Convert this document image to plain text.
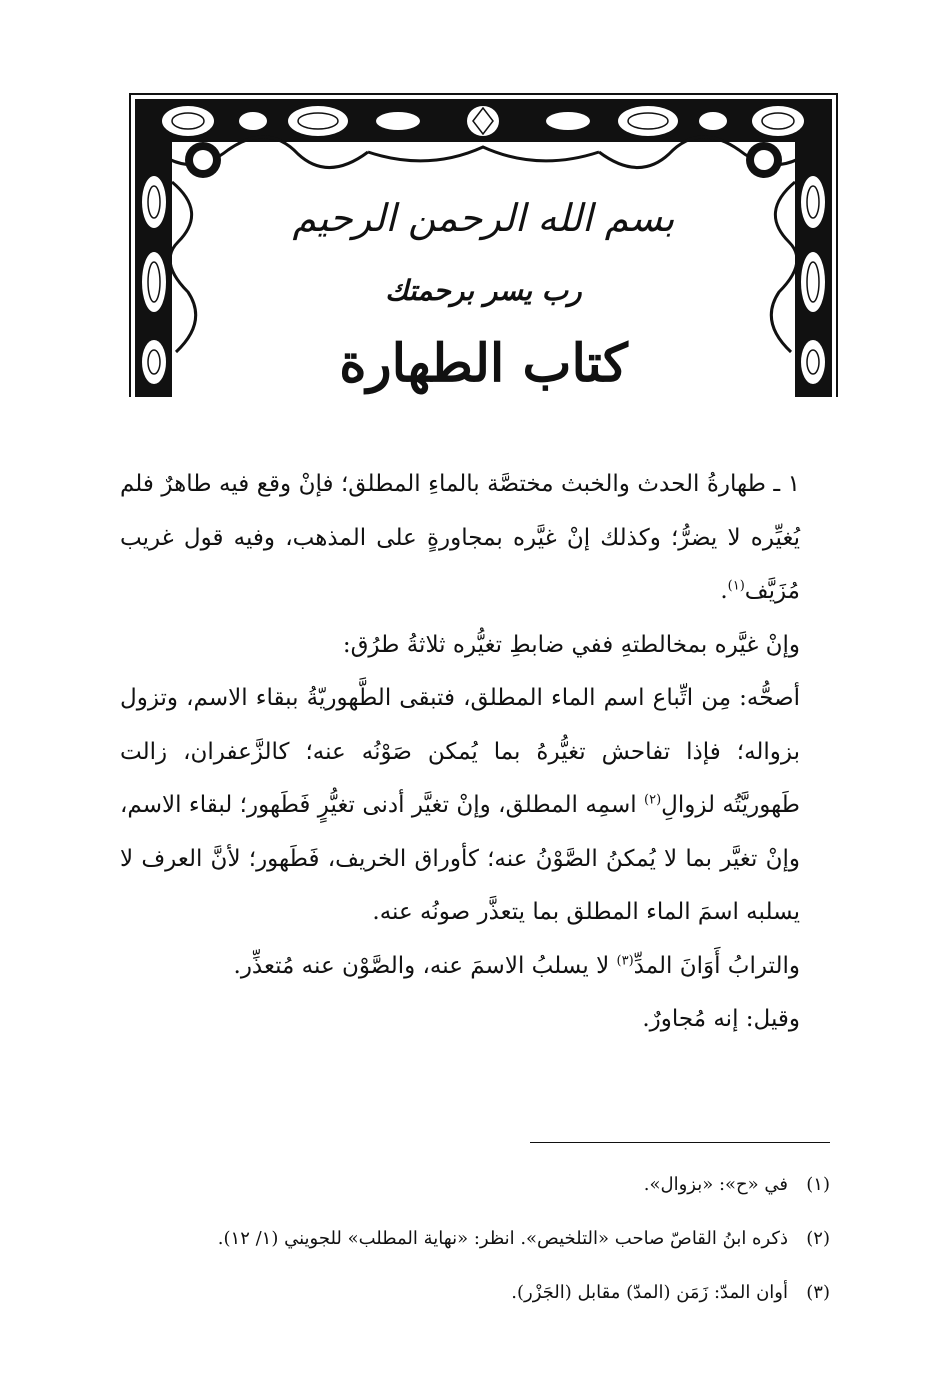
بسم الله الرحمن الرحيم
رب يسر برحمتك
كتاب الطهارة

١ ـ طهارةُ الحدث والخبث مختصَّة بالماءِ المطلق؛ فإنْ وقع فيه طاهرٌ فلم يُغيِّره لا يضرُّ؛ وكذلك إنْ غيَّره بمجاورةٍ على المذهب، وفيه قول غريب مُزَيَّف$^{(١)}$.

وإنْ غيَّره بمخالطتهِ ففي ضابطِ تغيُّره ثلاثةُ طرُق:

أصحُّه: مِن اتِّباع اسم الماء المطلق، فتبقى الطَّهوريّةُ ببقاء الاسم، وتزول بزواله؛ فإذا تفاحش تغيُّرهُ بما يُمكن صَوْنُه عنه؛ كالزَّعفران، زالت طَهوريَّتُه لزوالِ$^{(٢)}$ اسمِه المطلق، وإنْ تغيَّر أدنى تغيُّرٍ فَطَهور؛ لبقاء الاسم، وإنْ تغيَّر بما لا يُمكنُ الصَّوْنُ عنه؛ كأوراق الخريف، فَطَهور؛ لأنَّ العرف لا يسلبه اسمَ الماء المطلق بما يتعذَّر صونُه عنه.

والترابُ أَوَانَ المدِّ$^{(٣)}$ لا يسلبُ الاسمَ عنه، والصَّوْن عنه مُتعذِّر.

وقيل: إنه مُجاورٌ.

(١)في «ح»: «بزوال».

(٢)ذكره ابنُ القاصّ صاحب «التلخيص». انظر: «نهاية المطلب» للجويني (١/ ١٢).

(٣)أوان المدّ: زَمَن (المدّ) مقابل (الجَزْر).
